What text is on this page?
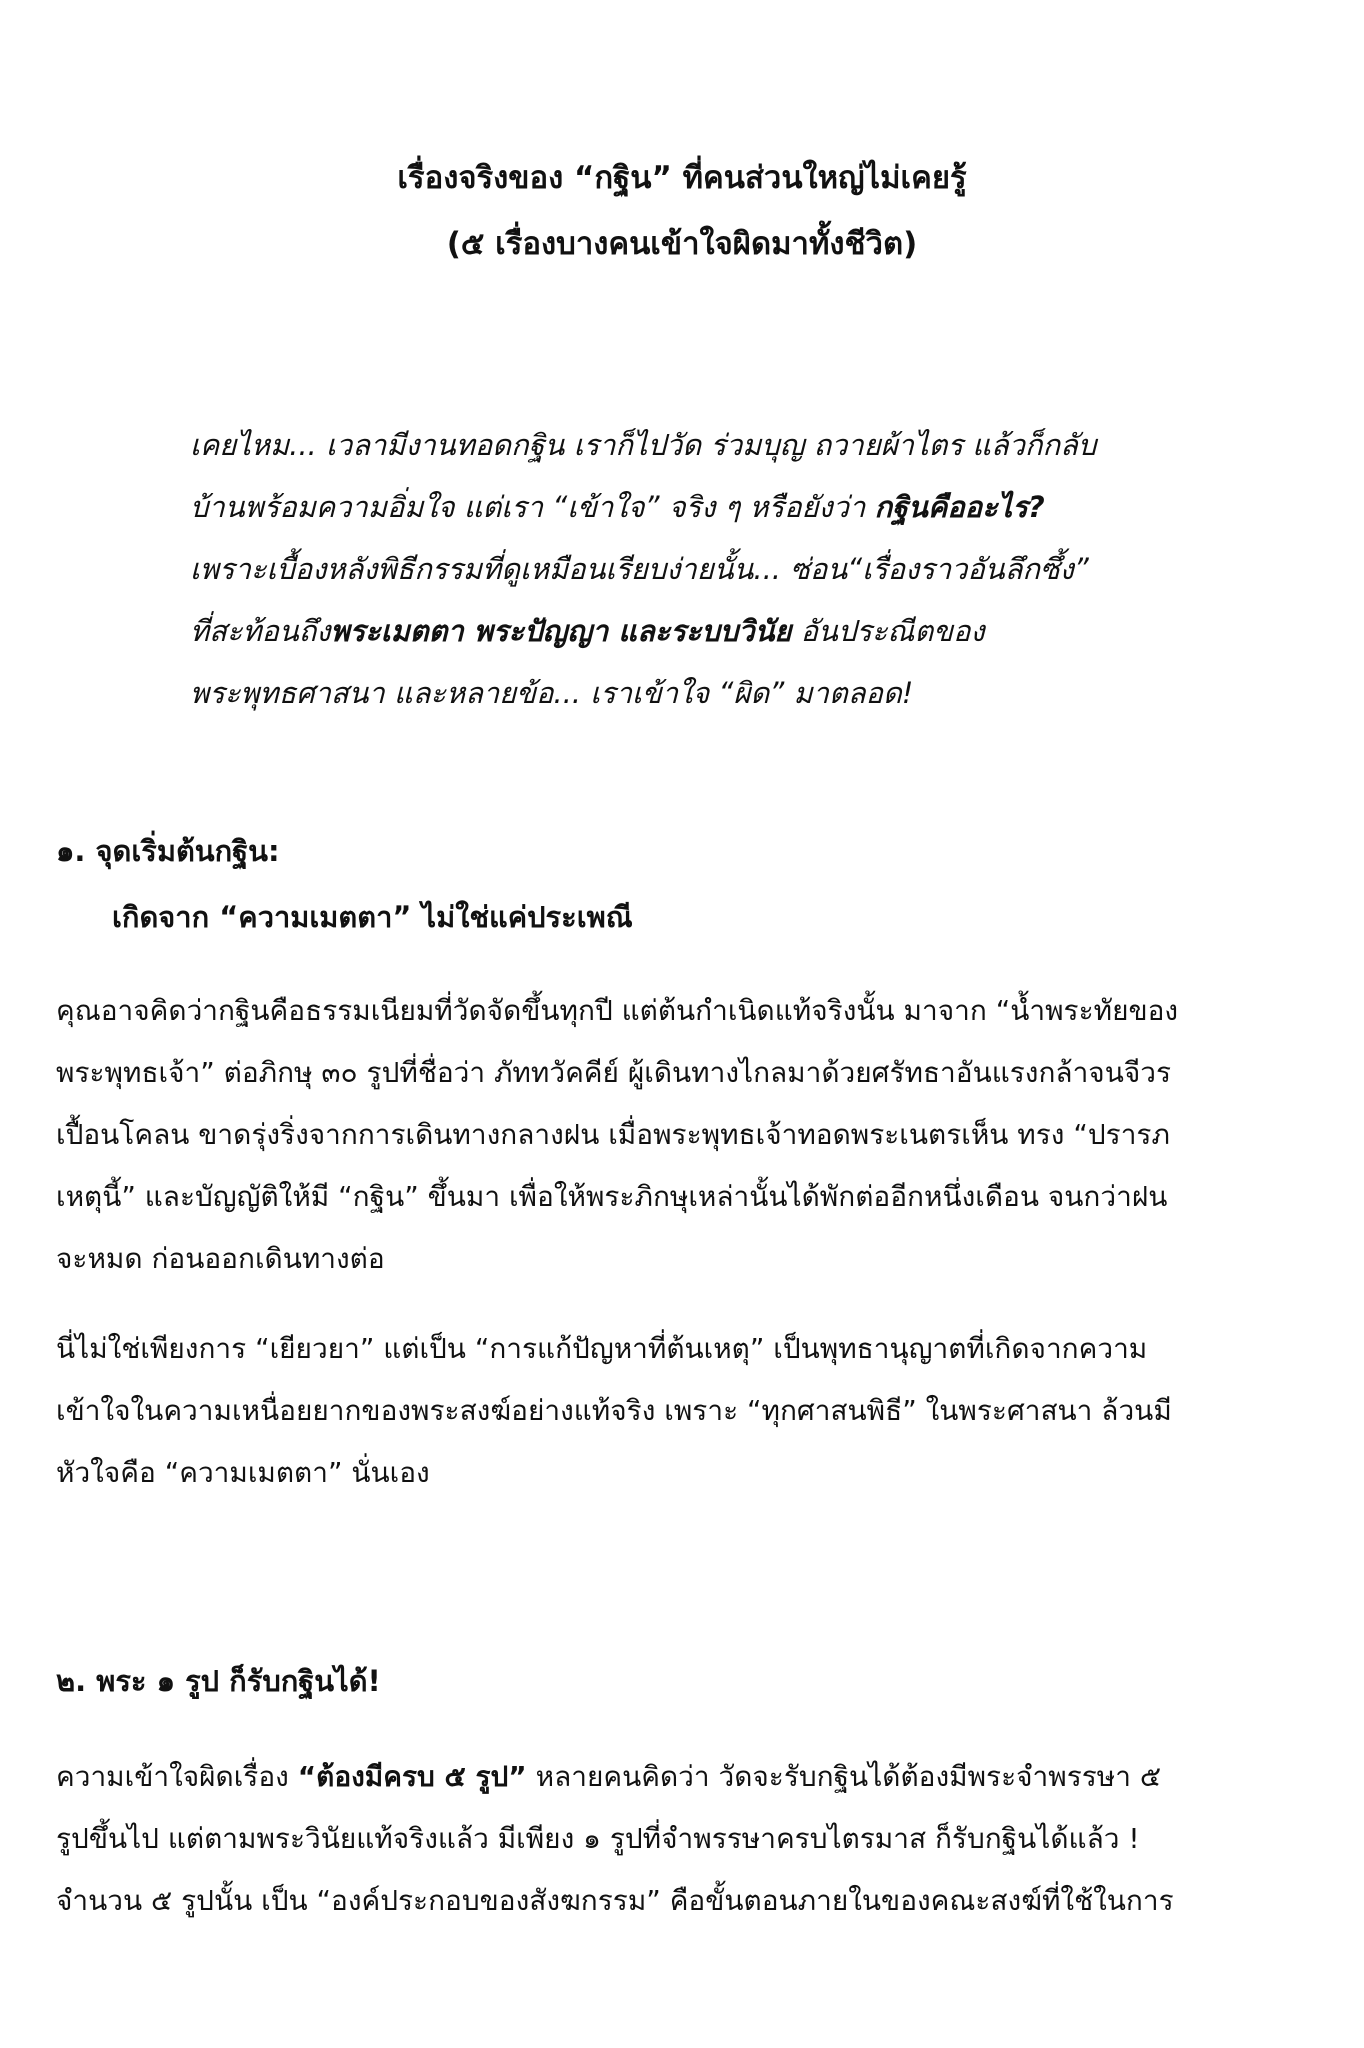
เรื่องจริงของ “กฐิน” ที่คนส่วนใหญ่ไม่เคยรู้
(๕ เรื่องบางคนเข้าใจผิดมาทั้งชีวิต)
เคยไหม... เวลามีงานทอดกฐิน เราก็ไปวัด ร่วมบุญ ถวายผ้าไตร แล้วก็กลับ
บ้านพร้อมความอิ่มใจ แต่เรา “เข้าใจ” จริง ๆ หรือยังว่า กฐินคืออะไร?
เพราะเบื้องหลังพิธีกรรมที่ดูเหมือนเรียบง่ายนั้น... ซ่อน“เรื่องราวอันลึกซึ้ง”
ที่สะท้อนถึงพระเมตตา พระปัญญา และระบบวินัย อันประณีตของ
พระพุทธศาสนา และหลายข้อ... เราเข้าใจ “ผิด” มาตลอด!
๑. จุดเริ่มต้นกฐิน:
เกิดจาก “ความเมตตา” ไม่ใช่แค่ประเพณี
คุณอาจคิดว่ากฐินคือธรรมเนียมที่วัดจัดขึ้นทุกปี แต่ต้นกำเนิดแท้จริงนั้น มาจาก “น้ำพระทัยของ
พระพุทธเจ้า” ต่อภิกษุ ๓๐ รูปที่ชื่อว่า ภัททวัคคีย์ ผู้เดินทางไกลมาด้วยศรัทธาอันแรงกล้าจนจีวร
เปื้อนโคลน ขาดรุ่งริ่งจากการเดินทางกลางฝน เมื่อพระพุทธเจ้าทอดพระเนตรเห็น ทรง “ปรารภ
เหตุนี้” และบัญญัติให้มี “กฐิน” ขึ้นมา เพื่อให้พระภิกษุเหล่านั้นได้พักต่ออีกหนึ่งเดือน จนกว่าฝน
จะหมด ก่อนออกเดินทางต่อ
นี่ไม่ใช่เพียงการ “เยียวยา” แต่เป็น “การแก้ปัญหาที่ต้นเหตุ” เป็นพุทธานุญาตที่เกิดจากความ
เข้าใจในความเหนื่อยยากของพระสงฆ์อย่างแท้จริง เพราะ “ทุกศาสนพิธี” ในพระศาสนา ล้วนมี
หัวใจคือ “ความเมตตา” นั่นเอง
๒. พระ ๑ รูป ก็รับกฐินได้!
ความเข้าใจผิดเรื่อง “ต้องมีครบ ๕ รูป” หลายคนคิดว่า วัดจะรับกฐินได้ต้องมีพระจำพรรษา ๕
รูปขึ้นไป แต่ตามพระวินัยแท้จริงแล้ว มีเพียง ๑ รูปที่จำพรรษาครบไตรมาส ก็รับกฐินได้แล้ว !
จำนวน ๕ รูปนั้น เป็น “องค์ประกอบของสังฆกรรม” คือขั้นตอนภายในของคณะสงฆ์ที่ใช้ในการ
